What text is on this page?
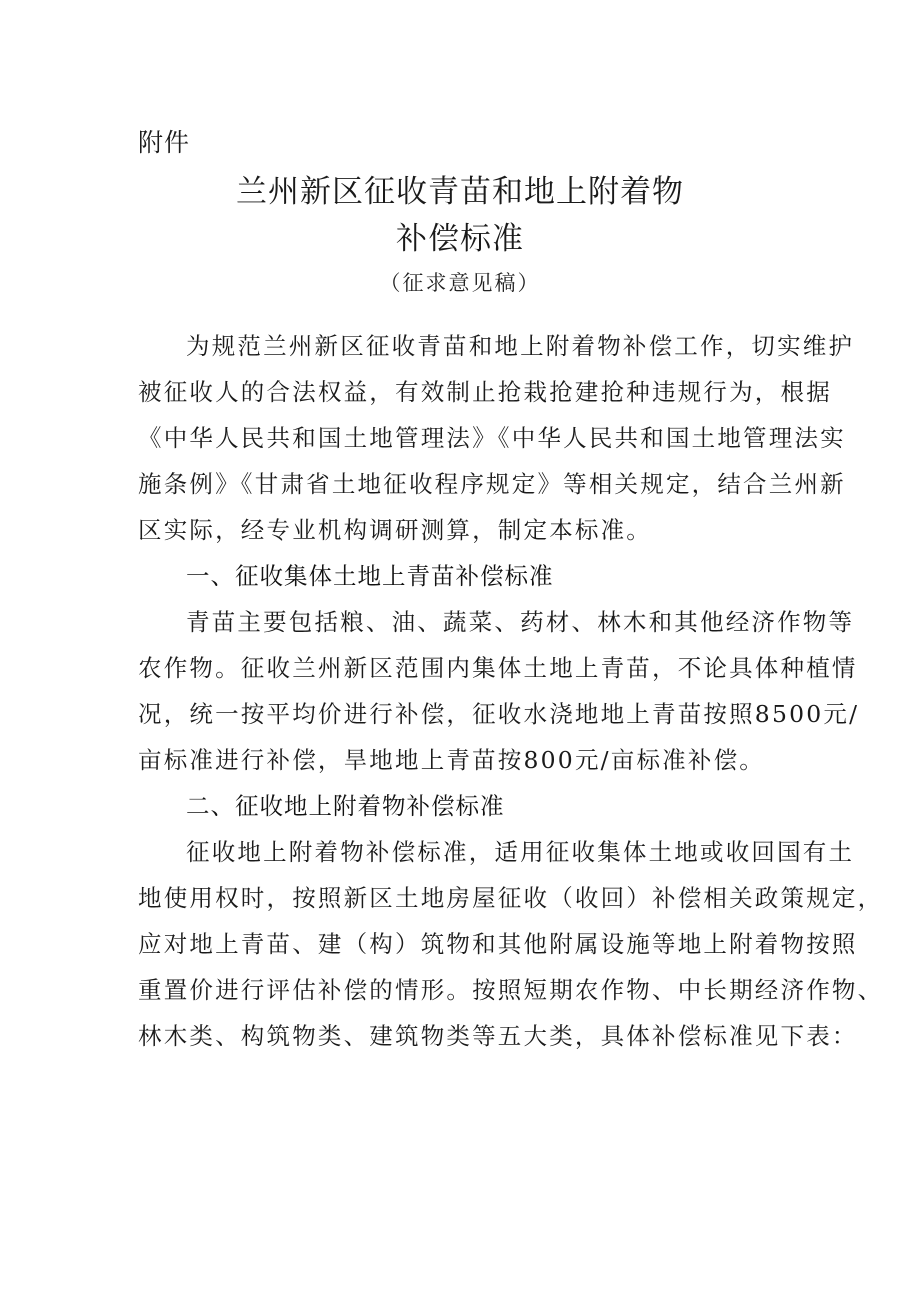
附件
兰州新区征收青苗和地上附着物
补偿标准
（征求意见稿）
为规范兰州新区征收青苗和地上附着物补偿工作，切实维护
被征收人的合法权益，有效制止抢栽抢建抢种违规行为，根据
《中华人民共和国土地管理法》《中华人民共和国土地管理法实
施条例》《甘肃省土地征收程序规定》等相关规定，结合兰州新
区实际，经专业机构调研测算，制定本标准。
一、征收集体土地上青苗补偿标准
青苗主要包括粮、油、蔬菜、药材、林木和其他经济作物等
农作物。征收兰州新区范围内集体土地上青苗，不论具体种植情
况，统一按平均价进行补偿，征收水浇地地上青苗按照8500元/
亩标准进行补偿，旱地地上青苗按800元/亩标准补偿。
二、征收地上附着物补偿标准
征收地上附着物补偿标准，适用征收集体土地或收回国有土
地使用权时，按照新区土地房屋征收（收回）补偿相关政策规定，
应对地上青苗、建（构）筑物和其他附属设施等地上附着物按照
重置价进行评估补偿的情形。按照短期农作物、中长期经济作物、
林木类、构筑物类、建筑物类等五大类，具体补偿标准见下表：
